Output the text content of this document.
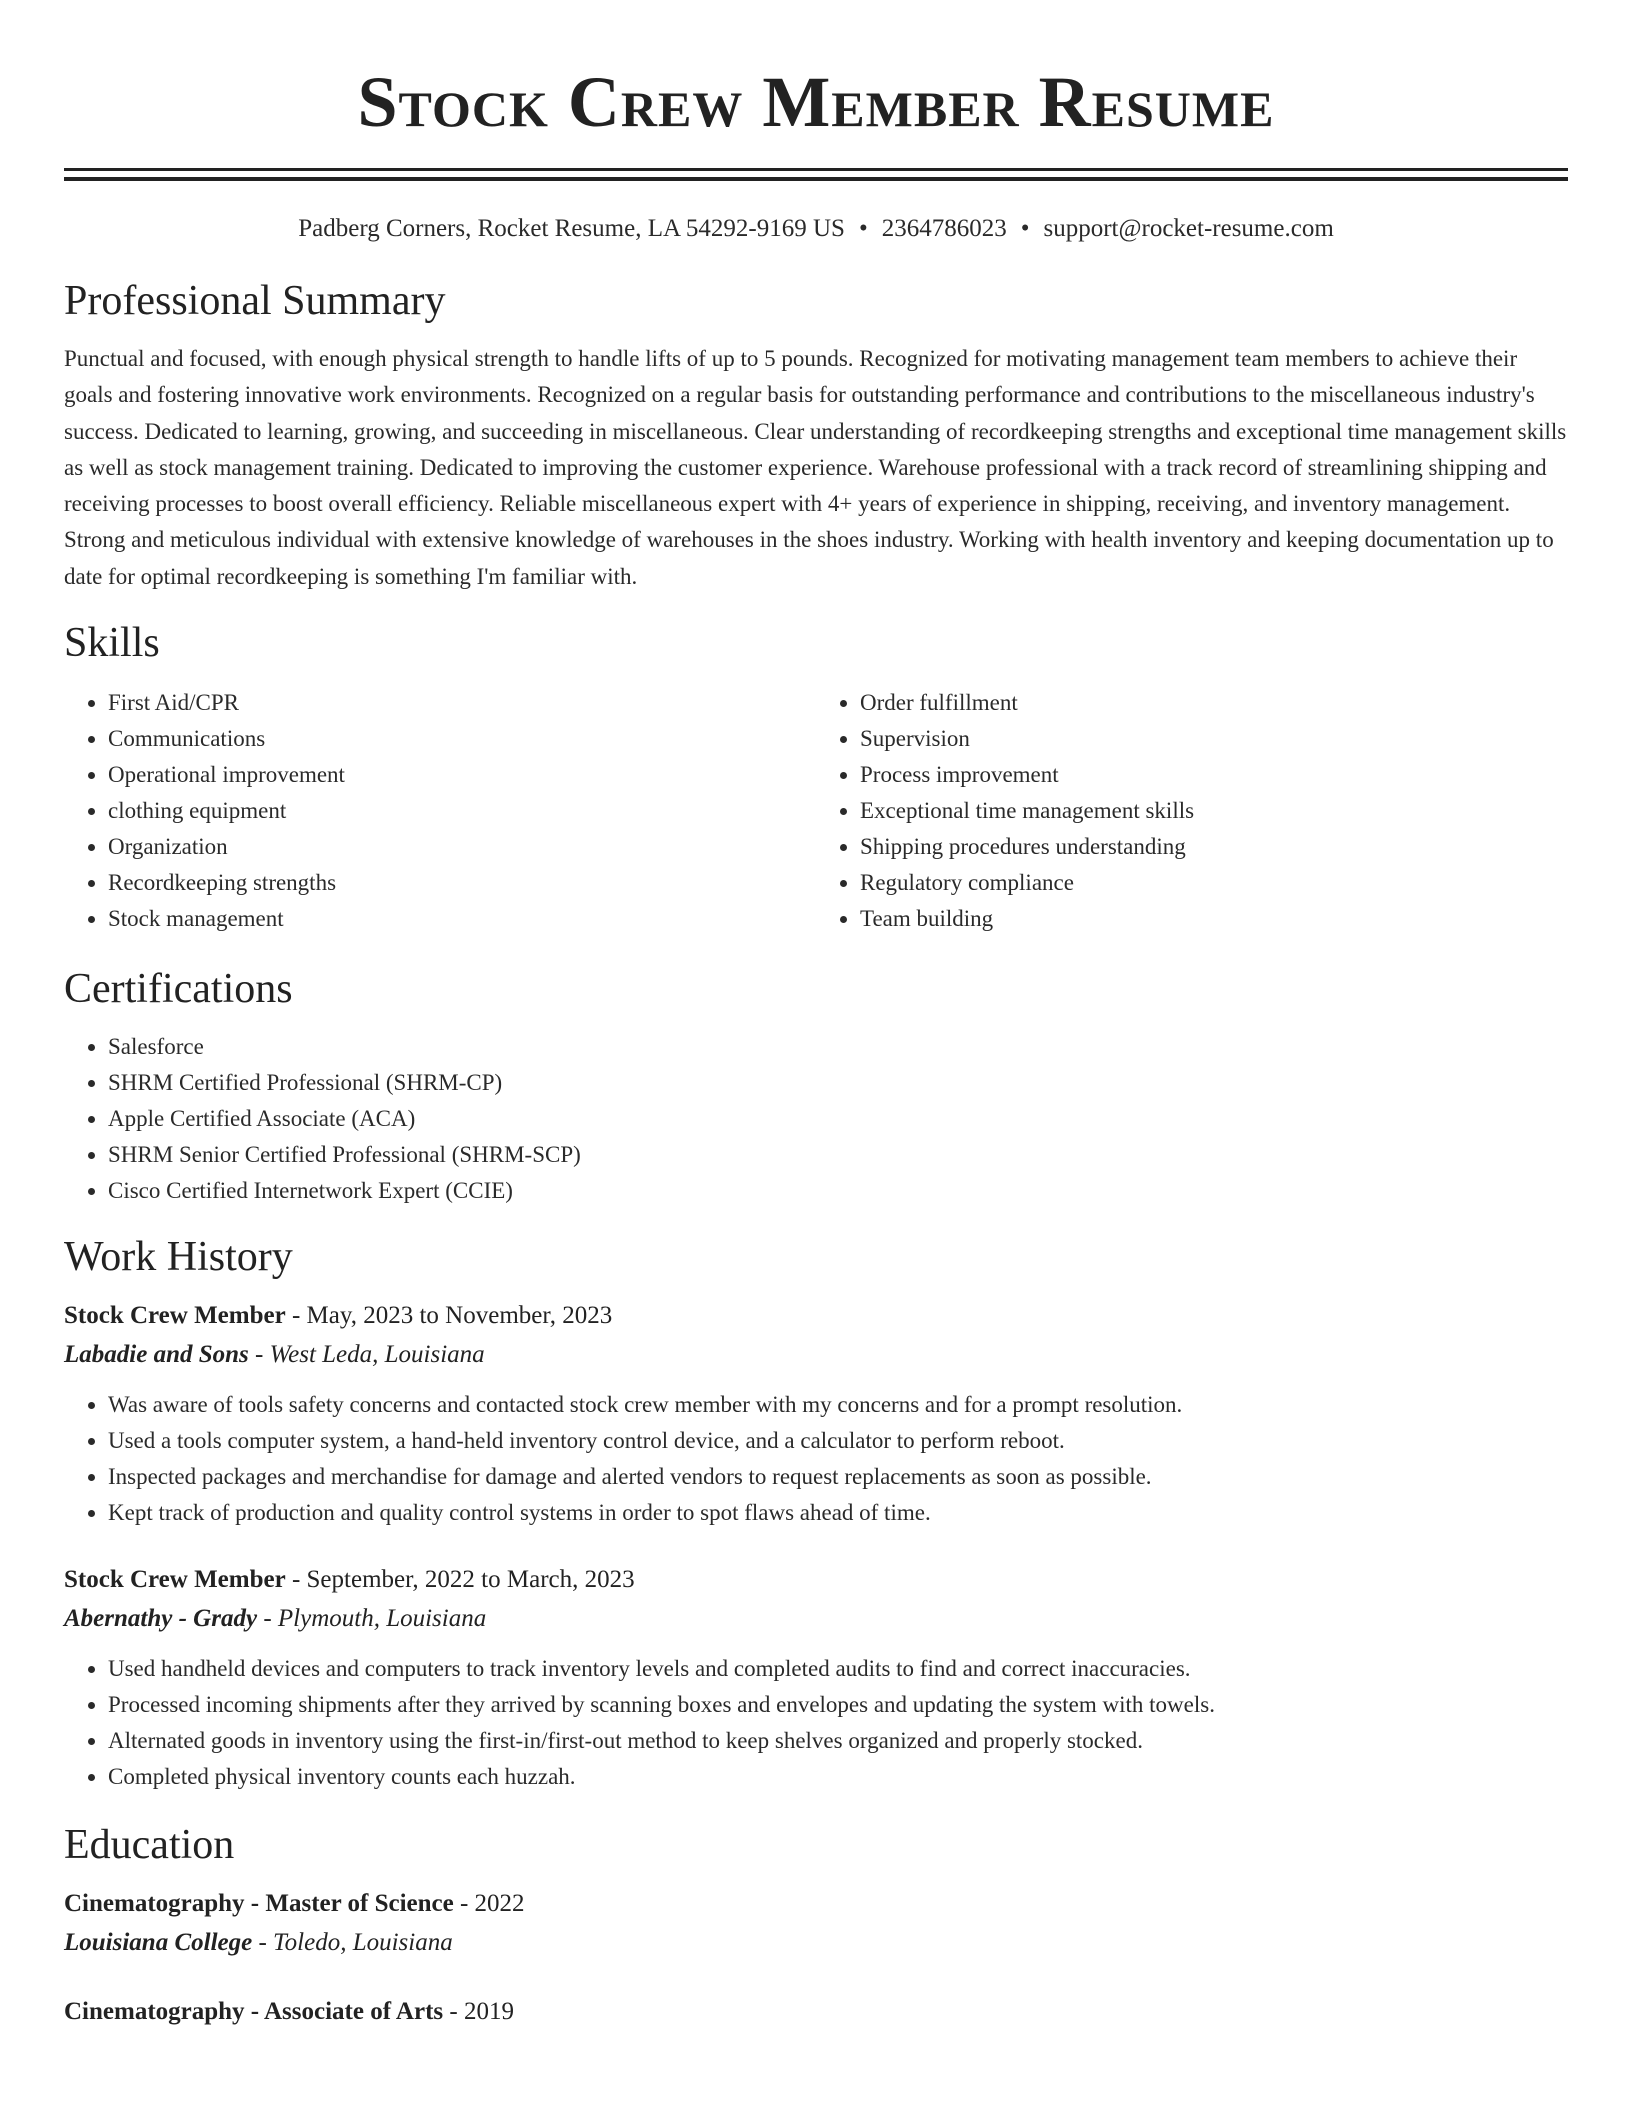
Stock Crew Member Resume
Padberg Corners, Rocket Resume, LA 54292-9169 US • 2364786023 • support@rocket-resume.com
Professional Summary

Punctual and focused, with enough physical strength to handle lifts of up to 5 pounds. Recognized for motivating management team members to achieve their goals and fostering innovative work environments. Recognized on a regular basis for outstanding performance and contributions to the miscellaneous industry's success. Dedicated to learning, growing, and succeeding in miscellaneous. Clear understanding of recordkeeping strengths and exceptional time management skills as well as stock management training. Dedicated to improving the customer experience. Warehouse professional with a track record of streamlining shipping and receiving processes to boost overall efficiency. Reliable miscellaneous expert with 4+ years of experience in shipping, receiving, and inventory management. Strong and meticulous individual with extensive knowledge of warehouses in the shoes industry. Working with health inventory and keeping documentation up to date for optimal recordkeeping is something I'm familiar with.

Skills
• First Aid/CPR
• Communications
• Operational improvement
• clothing equipment
• Organization
• Recordkeeping strengths
• Stock management
• Order fulfillment
• Supervision
• Process improvement
• Exceptional time management skills
• Shipping procedures understanding
• Regulatory compliance
• Team building
Certifications
• Salesforce
• SHRM Certified Professional (SHRM-CP)
• Apple Certified Associate (ACA)
• SHRM Senior Certified Professional (SHRM-SCP)
• Cisco Certified Internetwork Expert (CCIE)
Work History
Stock Crew Member - May, 2023 to November, 2023
Labadie and Sons - West Leda, Louisiana
• Was aware of tools safety concerns and contacted stock crew member with my concerns and for a prompt resolution.
• Used a tools computer system, a hand-held inventory control device, and a calculator to perform reboot.
• Inspected packages and merchandise for damage and alerted vendors to request replacements as soon as possible.
• Kept track of production and quality control systems in order to spot flaws ahead of time.
Stock Crew Member - September, 2022 to March, 2023
Abernathy - Grady - Plymouth, Louisiana
• Used handheld devices and computers to track inventory levels and completed audits to find and correct inaccuracies.
• Processed incoming shipments after they arrived by scanning boxes and envelopes and updating the system with towels.
• Alternated goods in inventory using the first-in/first-out method to keep shelves organized and properly stocked.
• Completed physical inventory counts each huzzah.
Education
Cinematography - Master of Science - 2022
Louisiana College - Toledo, Louisiana
Cinematography - Associate of Arts - 2019
